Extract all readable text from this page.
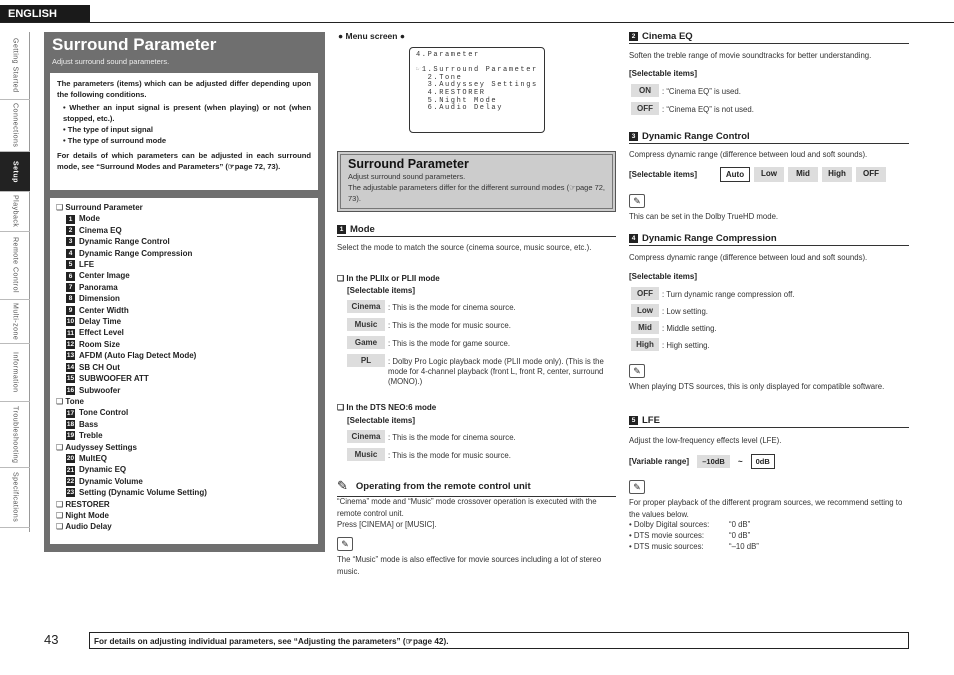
ENGLISH
Getting Started
Connections
Setup
Playback
Remote Control
Multi-zone
Information
Troubleshooting
Specifications
Surround Parameter
Adjust surround sound parameters.
The parameters (items) which can be adjusted differ depending upon the following conditions.
• Whether an input signal is present (when playing) or not (when stopped, etc.).
• The type of input signal
• The type of surround mode
For details of which parameters can be adjusted in each surround mode, see “Surround Modes and Parameters” (☞page 72, 73).
❑ Surround Parameter
1 Mode
2 Cinema EQ
3 Dynamic Range Control
4 Dynamic Range Compression
5 LFE
6 Center Image
7 Panorama
8 Dimension
9 Center Width
10 Delay Time
11 Effect Level
12 Room Size
13 AFDM (Auto Flag Detect Mode)
14 SB CH Out
15 SUBWOOFER ATT
16 Subwoofer
❑ Tone
17 Tone Control
18 Bass
19 Treble
❑ Audyssey Settings
20 MultEQ
21 Dynamic EQ
22 Dynamic Volume
23 Setting (Dynamic Volume Setting)
❑ RESTORER
❑ Night Mode
❑ Audio Delay
● Menu screen ●
4.Parameter

☞1.Surround Parameter
2.Tone
3.Audyssey Settings
4.RESTORER
5.Night Mode
6.Audio Delay
Surround Parameter
Adjust surround sound parameters.
The adjustable parameters differ for the different surround modes (☞page 72, 73).
1 Mode
Select the mode to match the source (cinema source, music source, etc.).
❑ In the PLIIx or PLII mode
[Selectable items]
Cinema : This is the mode for cinema source.
Music	: This is the mode for music source.
Game	: This is the mode for game source.
PL	: Dolby Pro Logic playback mode (PLII mode only). (This is the mode for 4-channel playback (front L, front R, center, surround (MONO).)
❑ In the DTS NEO:6 mode
[Selectable items]
Cinema : This is the mode for cinema source.
Music	: This is the mode for music source.
✎ Operating from the remote control unit
“Cinema” mode and “Music” mode crossover operation is executed with the remote control unit.
Press [CINEMA] or [MUSIC].
✎
The “Music” mode is also effective for movie sources including a lot of stereo music.
2 Cinema EQ
Soften the treble range of movie soundtracks for better understanding.
[Selectable items]
ON	: “Cinema EQ” is used.
OFF	: “Cinema EQ” is not used.
3 Dynamic Range Control
Compress dynamic range (difference between loud and soft sounds).
[Selectable items]	Auto	Low	Mid	High	OFF
✎
This can be set in the Dolby TrueHD mode.
4 Dynamic Range Compression
Compress dynamic range (difference between loud and soft sounds).
[Selectable items]
OFF	: Turn dynamic range compression off.
Low	: Low setting.
Mid	: Middle setting.
High	: High setting.
✎
When playing DTS sources, this is only displayed for compatible software.
5 LFE
Adjust the low-frequency effects level (LFE).
[Variable range]	–10dB	~	0dB
✎
For proper playback of the different program sources, we recommend setting to the values below.
• Dolby Digital sources:	“0 dB”
• DTS movie sources:	“0 dB”
• DTS music sources:	“–10 dB”
43	For details on adjusting individual parameters, see “Adjusting the parameters” (☞page 42).
